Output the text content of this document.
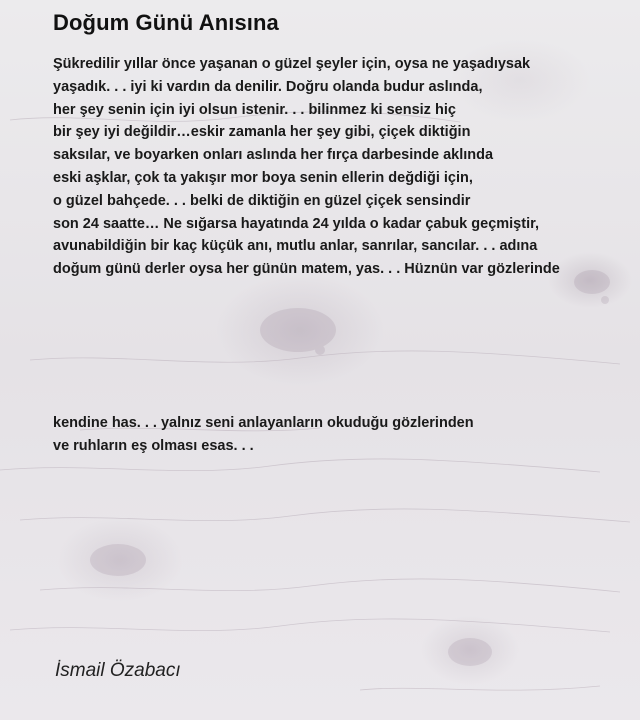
Doğum Günü Anısına

Şükredilir yıllar önce yaşanan o güzel şeyler için, oysa ne yaşadıysak
yaşadık. . . iyi ki vardın da denilir. Doğru olanda budur aslında,
her şey senin için iyi olsun istenir. . . bilinmez ki sensiz hiç
bir şey iyi değildir…eskir zamanla her şey gibi, çiçek diktiğin
saksılar, ve boyarken onları aslında her fırça darbesinde aklında
eski aşklar, çok ta yakışır mor boya senin ellerin değdiği için,
o güzel bahçede. . . belki de diktiğin en güzel çiçek sensindir
son 24 saatte… Ne sığarsa hayatında 24 yılda o kadar çabuk geçmiştir,
avunabildiğin bir kaç küçük anı, mutlu anlar, sanrılar, sancılar. . . adına
doğum günü derler oysa her günün matem, yas. . . Hüznün var gözlerinde

kendine has. . . yalnız seni anlayanların okuduğu gözlerinden
ve ruhların eş olması esas. . .

İsmail Özabacı
